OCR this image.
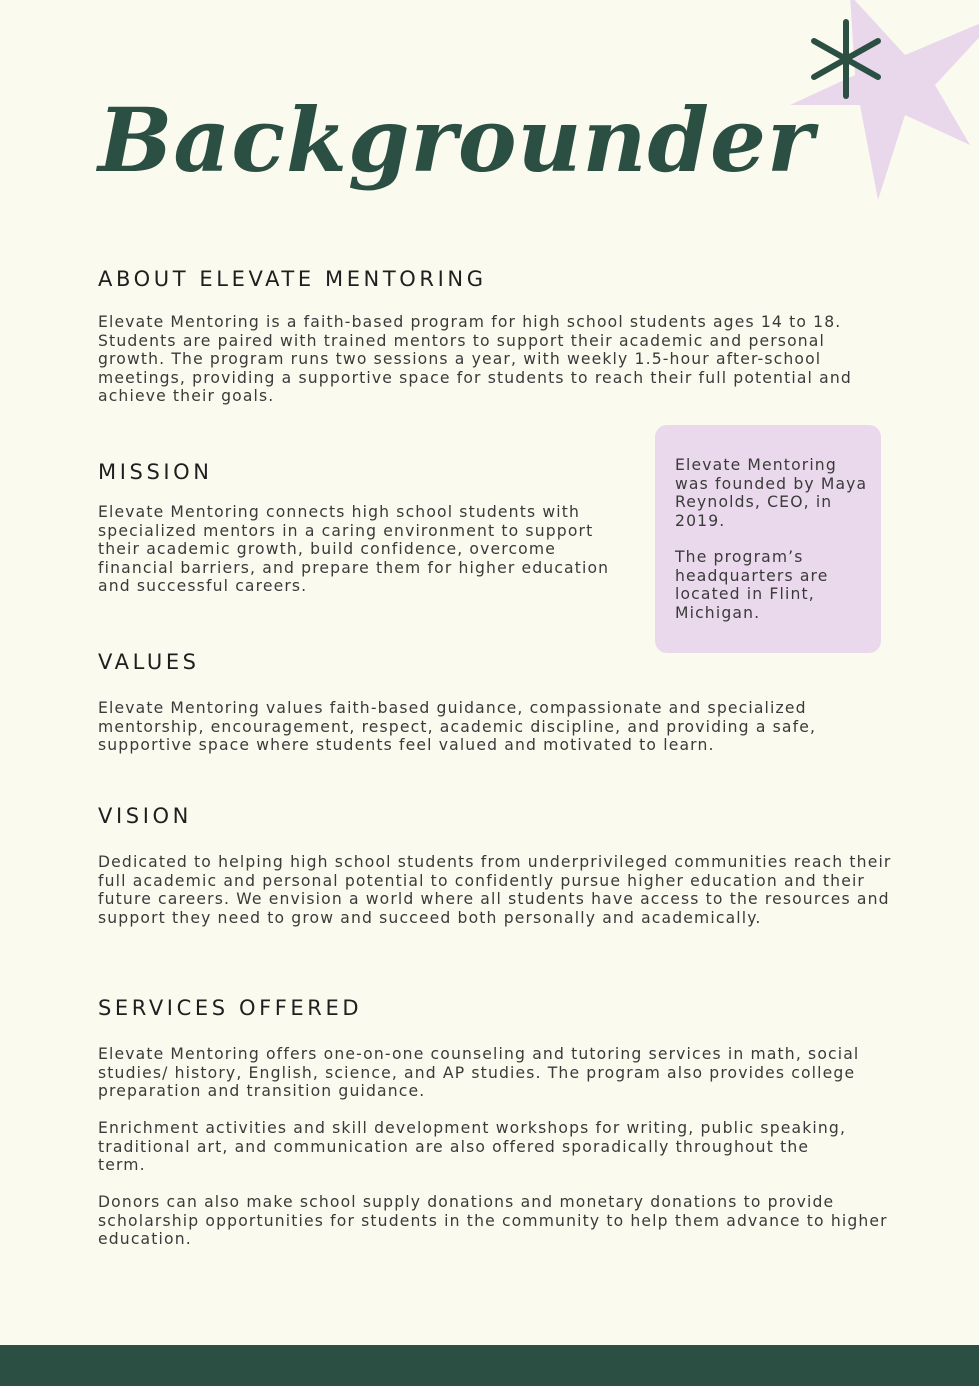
Backgrounder
ABOUT ELEVATE MENTORING

Elevate Mentoring is a faith-based program for high school students ages 14 to 18. Students are paired with trained mentors to support their academic and personal growth. The program runs two sessions a year, with weekly 1.5-hour after-school meetings, providing a supportive space for students to reach their full potential and achieve their goals.

MISSION

Elevate Mentoring connects high school students with specialized mentors in a caring environment to support their academic growth, build confidence, overcome financial barriers, and prepare them for higher education and successful careers.

Elevate Mentoring was founded by Maya Reynolds, CEO, in 2019.

The program’s headquarters are located in Flint, Michigan.

VALUES

Elevate Mentoring values faith-based guidance, compassionate and specialized mentorship, encouragement, respect, academic discipline, and providing a safe, supportive space where students feel valued and motivated to learn.

VISION

Dedicated to helping high school students from underprivileged communities reach their full academic and personal potential to confidently pursue higher education and their future careers. We envision a world where all students have access to the resources and support they need to grow and succeed both personally and academically.

SERVICES OFFERED

Elevate Mentoring offers one-on-one counseling and tutoring services in math, social studies/ history, English, science, and AP studies. The program also provides college preparation and transition guidance.

Enrichment activities and skill development workshops for writing, public speaking, traditional art, and communication are also offered sporadically throughout the term.

Donors can also make school supply donations and monetary donations to provide scholarship opportunities for students in the community to help them advance to higher education.
